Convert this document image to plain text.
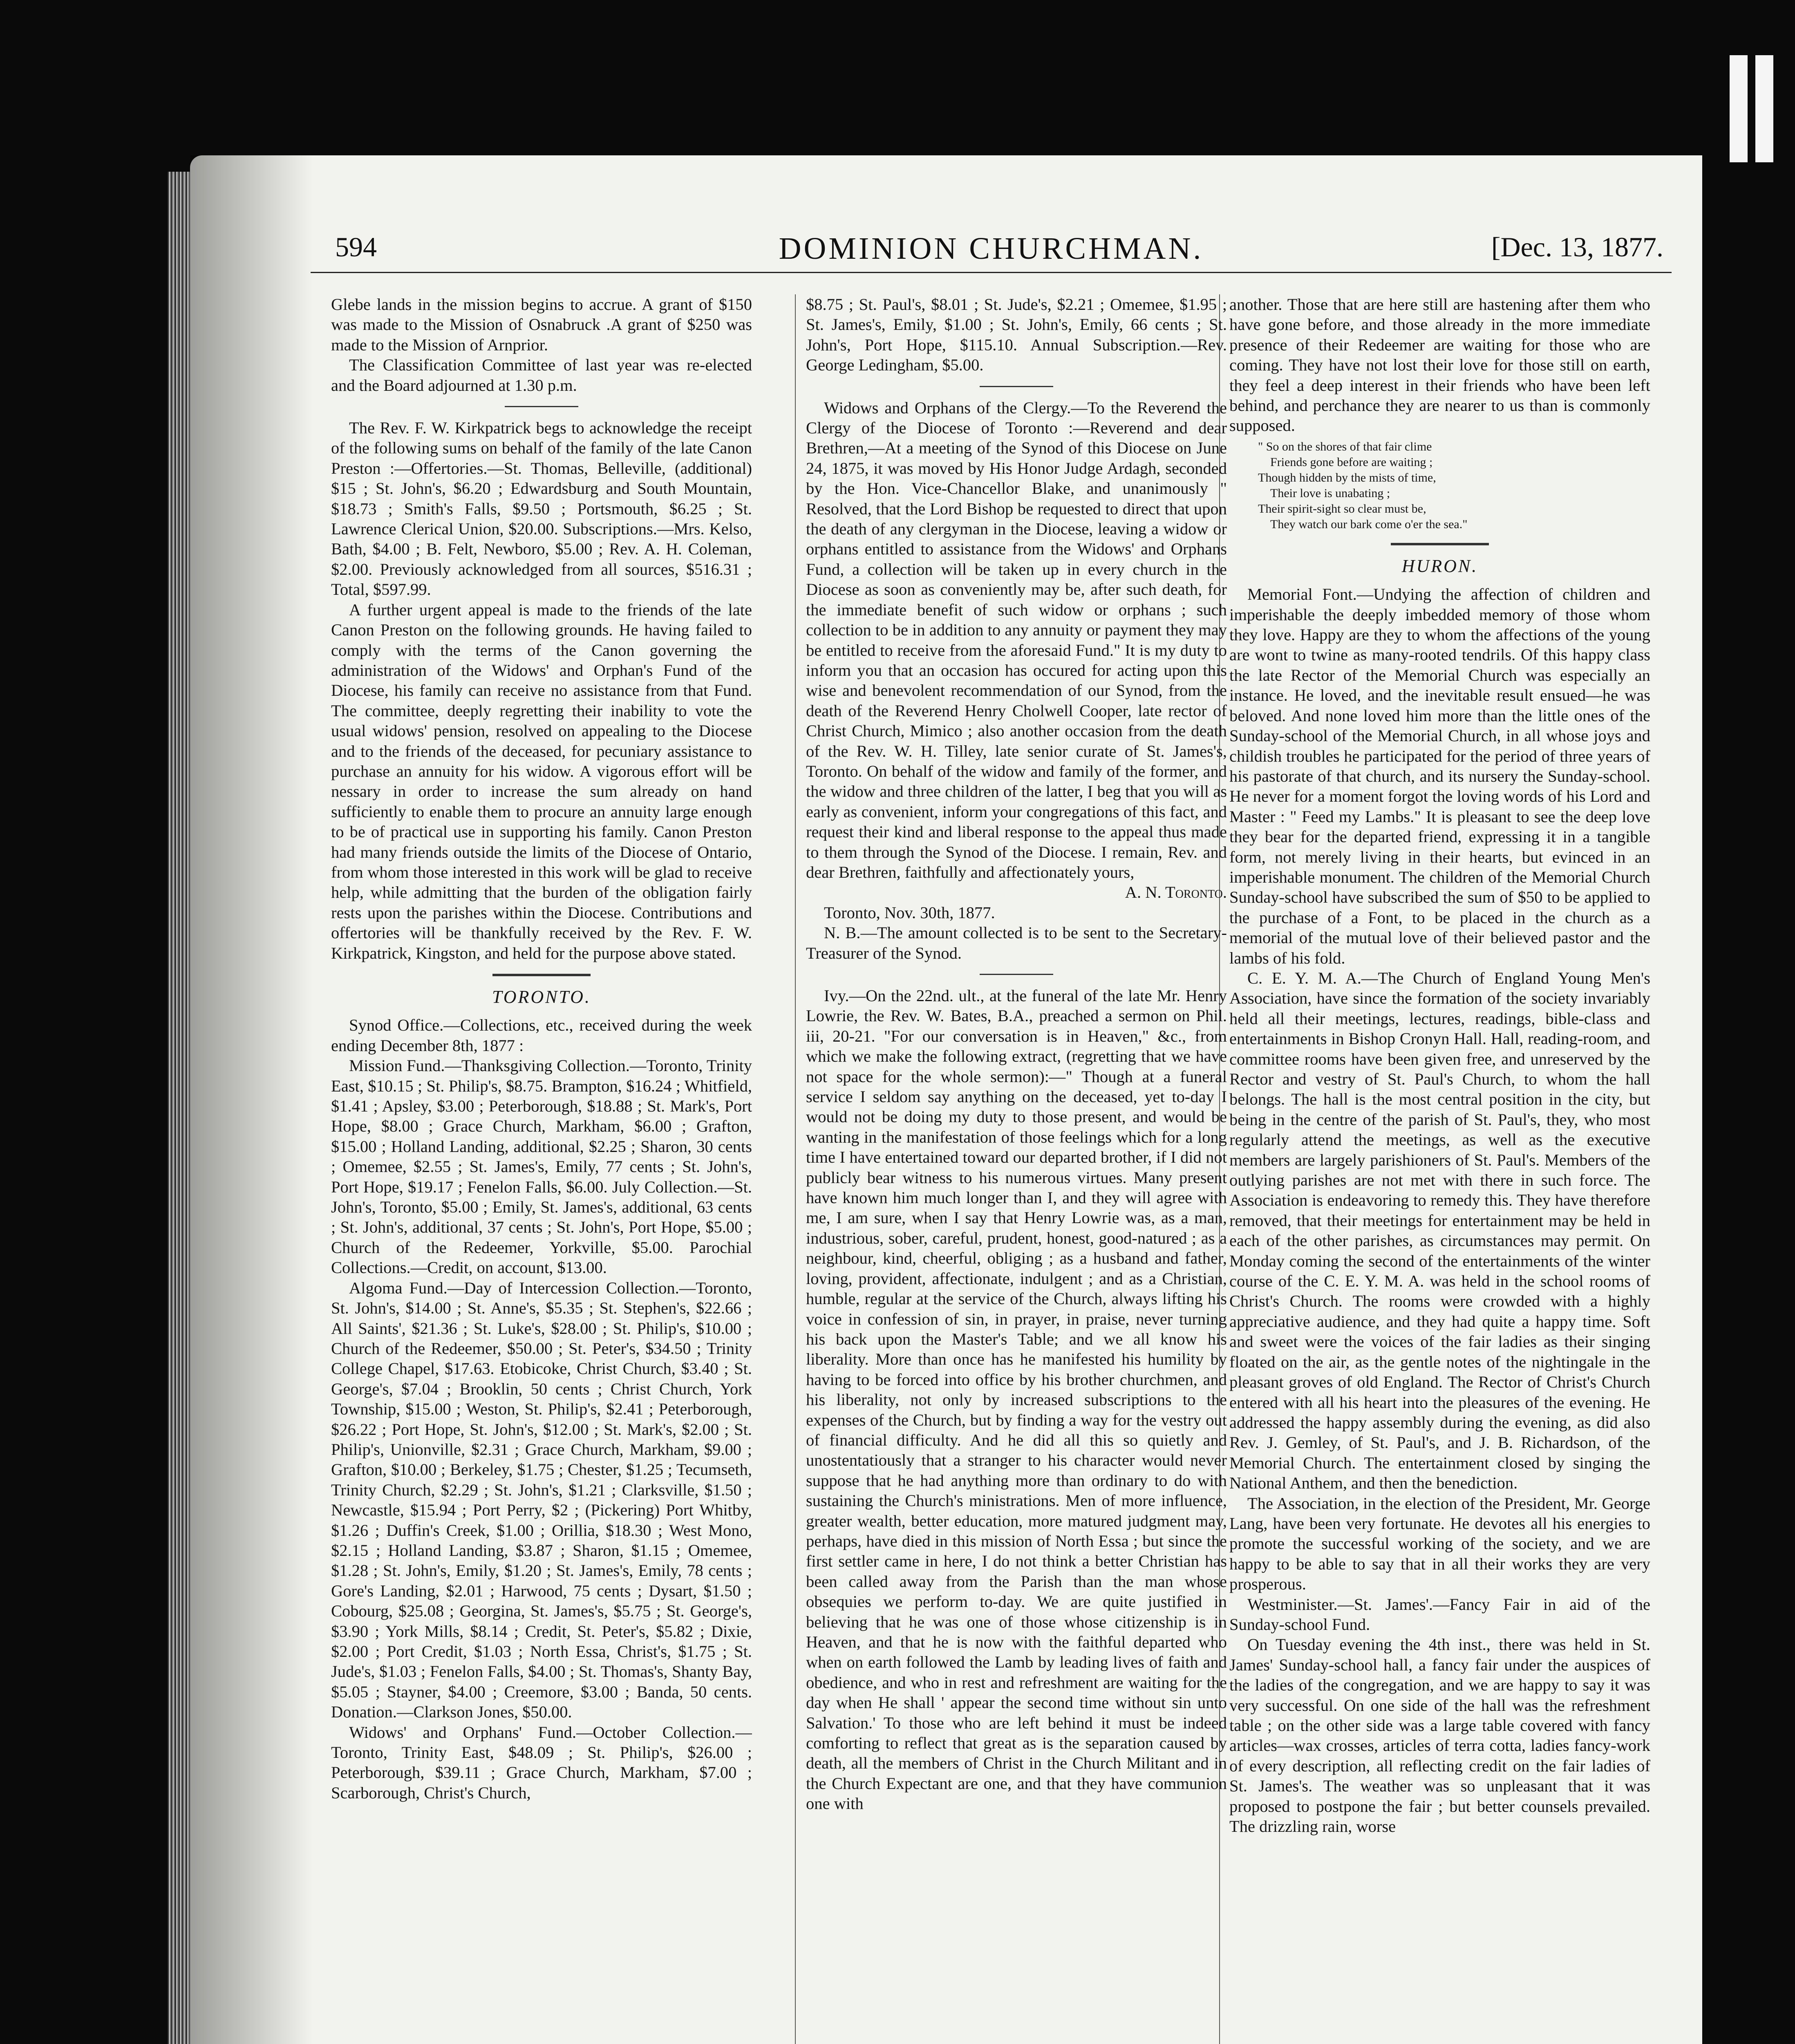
594	DOMINION CHURCHMAN.	[Dec. 13, 1877.

Glebe lands in the mission begins to accrue. A grant of $150 was made to the Mission of Osnabruck .A grant of $250 was made to the Mission of Arnprior.

The Classification Committee of last year was re-elected and the Board adjourned at 1.30 p.m.

The Rev. F. W. Kirkpatrick begs to acknowledge the receipt of the following sums on behalf of the family of the late Canon Preston :—Offertories.—St. Thomas, Belleville, (additional) $15 ; St. John's, $6.20 ; Edwardsburg and South Mountain, $18.73 ; Smith's Falls, $9.50 ; Portsmouth, $6.25 ; St. Lawrence Clerical Union, $20.00. Subscriptions.—Mrs. Kelso, Bath, $4.00 ; B. Felt, Newboro, $5.00 ; Rev. A. H. Coleman, $2.00. Previously acknowledged from all sources, $516.31 ; Total, $597.99.

A further urgent appeal is made to the friends of the late Canon Preston on the following grounds. He having failed to comply with the terms of the Canon governing the administration of the Widows' and Orphan's Fund of the Diocese, his family can receive no assistance from that Fund. The committee, deeply regretting their inability to vote the usual widows' pension, resolved on appealing to the Diocese and to the friends of the deceased, for pecuniary assistance to purchase an annuity for his widow. A vigorous effort will be nessary in order to increase the sum already on hand sufficiently to enable them to procure an annuity large enough to be of practical use in supporting his family. Canon Preston had many friends outside the limits of the Diocese of Ontario, from whom those interested in this work will be glad to receive help, while admitting that the burden of the obligation fairly rests upon the parishes within the Diocese. Contributions and offertories will be thankfully received by the Rev. F. W. Kirkpatrick, Kingston, and held for the purpose above stated.

TORONTO.

Synod Office.—Collections, etc., received during the week ending December 8th, 1877 :

Mission Fund.—Thanksgiving Collection.—Toronto, Trinity East, $10.15 ; St. Philip's, $8.75. Brampton, $16.24 ; Whitfield, $1.41 ; Apsley, $3.00 ; Peterborough, $18.88 ; St. Mark's, Port Hope, $8.00 ; Grace Church, Markham, $6.00 ; Grafton, $15.00 ; Holland Landing, additional, $2.25 ; Sharon, 30 cents ; Omemee, $2.55 ; St. James's, Emily, 77 cents ; St. John's, Port Hope, $19.17 ; Fenelon Falls, $6.00. July Collection.—St. John's, Toronto, $5.00 ; Emily, St. James's, additional, 63 cents ; St. John's, additional, 37 cents ; St. John's, Port Hope, $5.00 ; Church of the Redeemer, Yorkville, $5.00. Parochial Collections.—Credit, on account, $13.00.

Algoma Fund.—Day of Intercession Collection.—Toronto, St. John's, $14.00 ; St. Anne's, $5.35 ; St. Stephen's, $22.66 ; All Saints', $21.36 ; St. Luke's, $28.00 ; St. Philip's, $10.00 ; Church of the Redeemer, $50.00 ; St. Peter's, $34.50 ; Trinity College Chapel, $17.63. Etobicoke, Christ Church, $3.40 ; St. George's, $7.04 ; Brooklin, 50 cents ; Christ Church, York Township, $15.00 ; Weston, St. Philip's, $2.41 ; Peterborough, $26.22 ; Port Hope, St. John's, $12.00 ; St. Mark's, $2.00 ; St. Philip's, Unionville, $2.31 ; Grace Church, Markham, $9.00 ; Grafton, $10.00 ; Berkeley, $1.75 ; Chester, $1.25 ; Tecumseth, Trinity Church, $2.29 ; St. John's, $1.21 ; Clarksville, $1.50 ; Newcastle, $15.94 ; Port Perry, $2 ; (Pickering) Port Whitby, $1.26 ; Duffin's Creek, $1.00 ; Orillia, $18.30 ; West Mono, $2.15 ; Holland Landing, $3.87 ; Sharon, $1.15 ; Omemee, $1.28 ; St. John's, Emily, $1.20 ; St. James's, Emily, 78 cents ; Gore's Landing, $2.01 ; Harwood, 75 cents ; Dysart, $1.50 ; Cobourg, $25.08 ; Georgina, St. James's, $5.75 ; St. George's, $3.90 ; York Mills, $8.14 ; Credit, St. Peter's, $5.82 ; Dixie, $2.00 ; Port Credit, $1.03 ; North Essa, Christ's, $1.75 ; St. Jude's, $1.03 ; Fenelon Falls, $4.00 ; St. Thomas's, Shanty Bay, $5.05 ; Stayner, $4.00 ; Creemore, $3.00 ; Banda, 50 cents. Donation.—Clarkson Jones, $50.00.

Widows' and Orphans' Fund.—October Collection.—Toronto, Trinity East, $48.09 ; St. Philip's, $26.00 ; Peterborough, $39.11 ; Grace Church, Markham, $7.00 ; Scarborough, Christ's Church,

$8.75 ; St. Paul's, $8.01 ; St. Jude's, $2.21 ; Omemee, $1.95 ; St. James's, Emily, $1.00 ; St. John's, Emily, 66 cents ; St. John's, Port Hope, $115.10. Annual Subscription.—Rev. George Ledingham, $5.00.

Widows and Orphans of the Clergy.—To the Reverend the Clergy of the Diocese of Toronto :—Reverend and dear Brethren,—At a meeting of the Synod of this Diocese on June 24, 1875, it was moved by His Honor Judge Ardagh, seconded by the Hon. Vice-Chancellor Blake, and unanimously " Resolved, that the Lord Bishop be requested to direct that upon the death of any clergyman in the Diocese, leaving a widow or orphans entitled to assistance from the Widows' and Orphans Fund, a collection will be taken up in every church in the Diocese as soon as conveniently may be, after such death, for the immediate benefit of such widow or orphans ; such collection to be in addition to any annuity or payment they may be entitled to receive from the aforesaid Fund." It is my duty to inform you that an occasion has occured for acting upon this wise and benevolent recommendation of our Synod, from the death of the Reverend Henry Cholwell Cooper, late rector of Christ Church, Mimico ; also another occasion from the death of the Rev. W. H. Tilley, late senior curate of St. James's, Toronto. On behalf of the widow and family of the former, and the widow and three children of the latter, I beg that you will as early as convenient, inform your congregations of this fact, and request their kind and liberal response to the appeal thus made to them through the Synod of the Diocese. I remain, Rev. and dear Brethren, faithfully and affectionately yours,

A. N. Toronto.

Toronto, Nov. 30th, 1877.

N. B.—The amount collected is to be sent to the Secretary-Treasurer of the Synod.

Ivy.—On the 22nd. ult., at the funeral of the late Mr. Henry Lowrie, the Rev. W. Bates, B.A., preached a sermon on Phil. iii, 20-21. "For our conversation is in Heaven," &c., from which we make the following extract, (regretting that we have not space for the whole sermon):—" Though at a funeral service I seldom say anything on the deceased, yet to-day I would not be doing my duty to those present, and would be wanting in the manifestation of those feelings which for a long time I have entertained toward our departed brother, if I did not publicly bear witness to his numerous virtues. Many present have known him much longer than I, and they will agree with me, I am sure, when I say that Henry Lowrie was, as a man, industrious, sober, careful, prudent, honest, good-natured ; as a neighbour, kind, cheerful, obliging ; as a husband and father, loving, provident, affectionate, indulgent ; and as a Christian, humble, regular at the service of the Church, always lifting his voice in confession of sin, in prayer, in praise, never turning his back upon the Master's Table; and we all know his liberality. More than once has he manifested his humility by having to be forced into office by his brother churchmen, and his liberality, not only by increased subscriptions to the expenses of the Church, but by finding a way for the vestry out of financial difficulty. And he did all this so quietly and unostentatiously that a stranger to his character would never suppose that he had anything more than ordinary to do with sustaining the Church's ministrations. Men of more influence, greater wealth, better education, more matured judgment may, perhaps, have died in this mission of North Essa ; but since the first settler came in here, I do not think a better Christian has been called away from the Parish than the man whose obsequies we perform to-day. We are quite justified in believing that he was one of those whose citizenship is in Heaven, and that he is now with the faithful departed who when on earth followed the Lamb by leading lives of faith and obedience, and who in rest and refreshment are waiting for the day when He shall ' appear the second time without sin unto Salvation.' To those who are left behind it must be indeed comforting to reflect that great as is the separation caused by death, all the members of Christ in the Church Militant and in the Church Expectant are one, and that they have communion one with

another. Those that are here still are hastening after them who have gone before, and those already in the more immediate presence of their Redeemer are waiting for those who are coming. They have not lost their love for those still on earth, they feel a deep interest in their friends who have been left behind, and perchance they are nearer to us than is commonly supposed.

" So on the shores of that fair clime
Friends gone before are waiting ;
Though hidden by the mists of time,
Their love is unabating ;
Their spirit-sight so clear must be,
They watch our bark come o'er the sea."
HURON.

Memorial Font.—Undying the affection of children and imperishable the deeply imbedded memory of those whom they love. Happy are they to whom the affections of the young are wont to twine as many-rooted tendrils. Of this happy class the late Rector of the Memorial Church was especially an instance. He loved, and the inevitable result ensued—he was beloved. And none loved him more than the little ones of the Sunday-school of the Memorial Church, in all whose joys and childish troubles he participated for the period of three years of his pastorate of that church, and its nursery the Sunday-school. He never for a moment forgot the loving words of his Lord and Master : " Feed my Lambs." It is pleasant to see the deep love they bear for the departed friend, expressing it in a tangible form, not merely living in their hearts, but evinced in an imperishable monument. The children of the Memorial Church Sunday-school have subscribed the sum of $50 to be applied to the purchase of a Font, to be placed in the church as a memorial of the mutual love of their believed pastor and the lambs of his fold.

C. E. Y. M. A.—The Church of England Young Men's Association, have since the formation of the society invariably held all their meetings, lectures, readings, bible-class and entertainments in Bishop Cronyn Hall. Hall, reading-room, and committee rooms have been given free, and unreserved by the Rector and vestry of St. Paul's Church, to whom the hall belongs. The hall is the most central position in the city, but being in the centre of the parish of St. Paul's, they, who most regularly attend the meetings, as well as the executive members are largely parishioners of St. Paul's. Members of the outlying parishes are not met with there in such force. The Association is endeavoring to remedy this. They have therefore removed, that their meetings for entertainment may be held in each of the other parishes, as circumstances may permit. On Monday coming the second of the entertainments of the winter course of the C. E. Y. M. A. was held in the school rooms of Christ's Church. The rooms were crowded with a highly appreciative audience, and they had quite a happy time. Soft and sweet were the voices of the fair ladies as their singing floated on the air, as the gentle notes of the nightingale in the pleasant groves of old England. The Rector of Christ's Church entered with all his heart into the pleasures of the evening. He addressed the happy assembly during the evening, as did also Rev. J. Gemley, of St. Paul's, and J. B. Richardson, of the Memorial Church. The entertainment closed by singing the National Anthem, and then the benediction.

The Association, in the election of the President, Mr. George Lang, have been very fortunate. He devotes all his energies to promote the successful working of the society, and we are happy to be able to say that in all their works they are very prosperous.

Westminister.—St. James'.—Fancy Fair in aid of the Sunday-school Fund.

On Tuesday evening the 4th inst., there was held in St. James' Sunday-school hall, a fancy fair under the auspices of the ladies of the congregation, and we are happy to say it was very successful. On one side of the hall was the refreshment table ; on the other side was a large table covered with fancy articles—wax crosses, articles of terra cotta, ladies fancy-work of every description, all reflecting credit on the fair ladies of St. James's. The weather was so unpleasant that it was proposed to postpone the fair ; but better counsels prevailed. The drizzling rain, worse
